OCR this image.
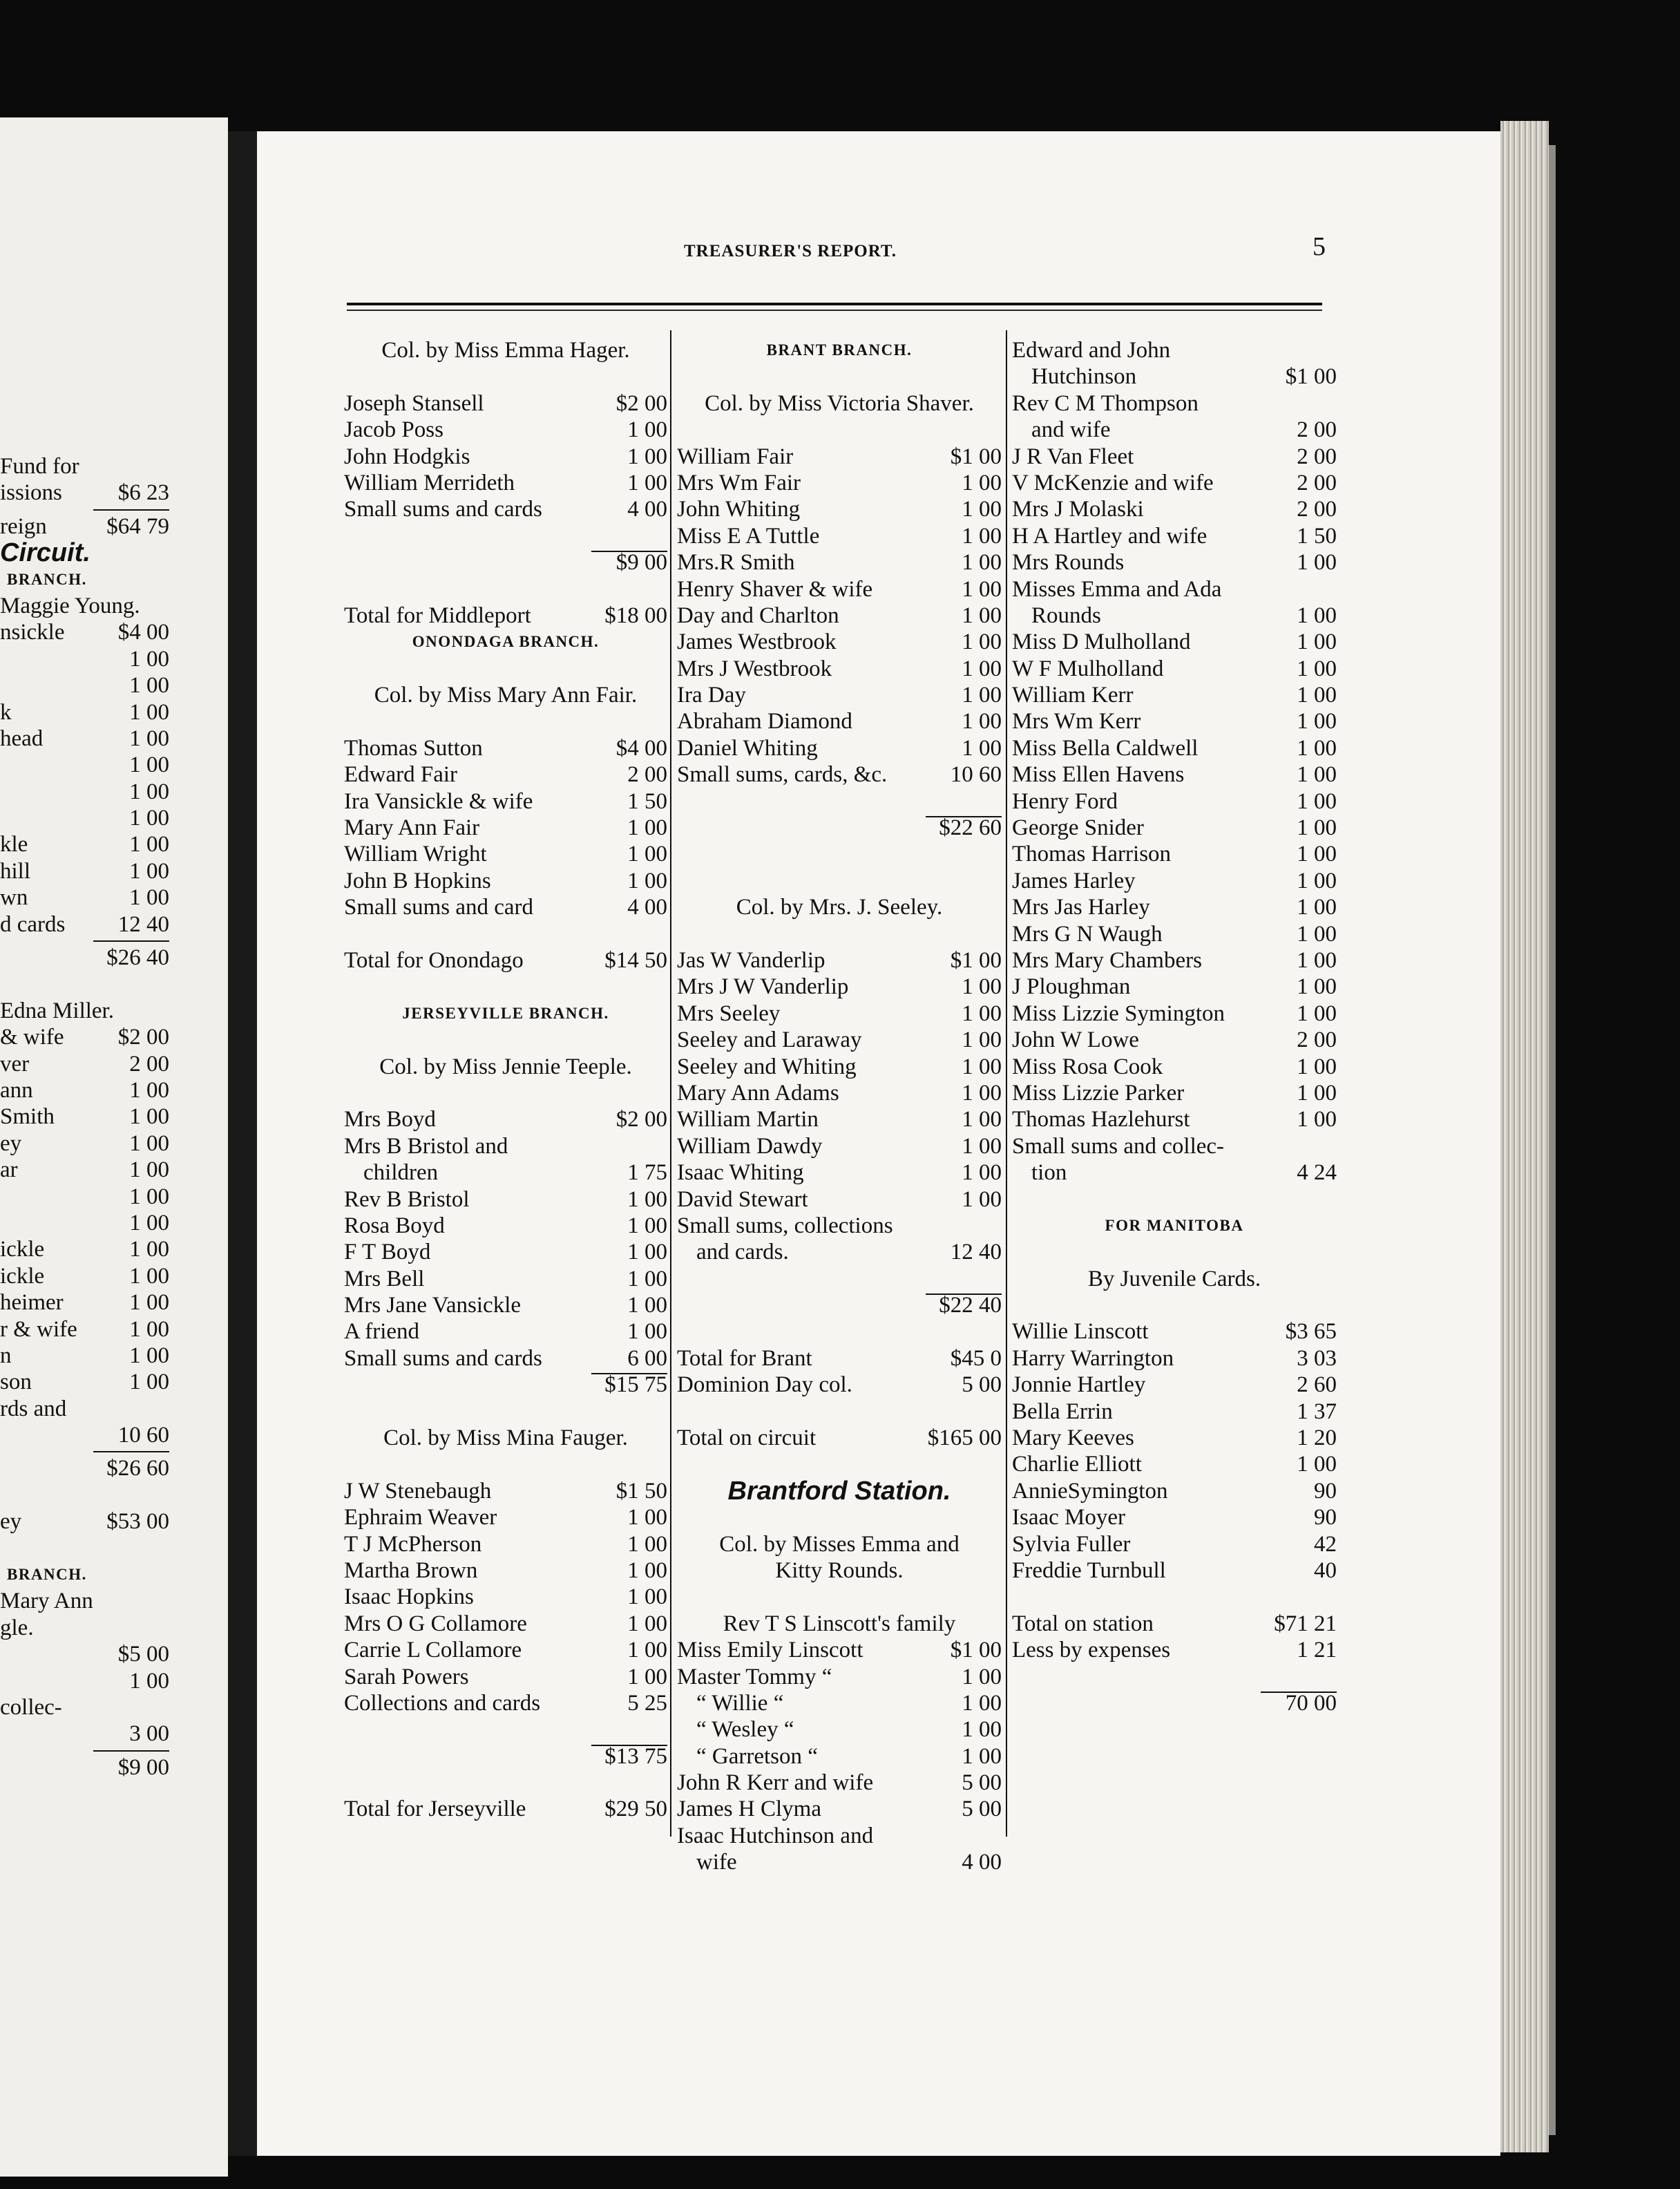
Fund for
issions $6 23
reign	$64 79
Circuit.
BRANCH.
Maggie Young.
nsickle $4 00
1 00
1 00
k	1 00
head	1 00
1 00
1 00
1 00
kle	1 00
hill	1 00
wn	1 00
d cards 12 40
$26 40
Edna Miller.
& wife $2 00
ver	2 00
ann	1 00
Smith	1 00
ey	1 00
ar	1 00
1 00
1 00
ickle	1 00
ickle	1 00
heimer	1 00
r & wife 1 00
n	1 00
son	1 00
rds and
10 60
$26 60
ey	$53 00
BRANCH.
Mary Ann
gle.
$5 00
1 00
collec-
3 00
$9 00
TREASURER'S REPORT.	5
Col. by Miss Emma Hager.
Joseph Stansell	$2 00
Jacob Poss	1 00
John Hodgkis	1 00
William Merrideth	1 00
Small sums and cards	4 00
$9 00
Total for Middleport	$18 00
ONONDAGA BRANCH.
Col. by Miss Mary Ann Fair.
Thomas Sutton	$4 00
Edward Fair	2 00
Ira Vansickle & wife	1 50
Mary Ann Fair	1 00
William Wright	1 00
John B Hopkins	1 00
Small sums and card	4 00
Total for Onondago	$14 50
JERSEYVILLE BRANCH.
Col. by Miss Jennie Teeple.
Mrs Boyd	$2 00
Mrs B Bristol and
children	1 75
Rev B Bristol	1 00
Rosa Boyd	1 00
F T Boyd	1 00
Mrs Bell	1 00
Mrs Jane Vansickle	1 00
A friend	1 00
Small sums and cards	6 00
$15 75
Col. by Miss Mina Fauger.
J W Stenebaugh	$1 50
Ephraim Weaver	1 00
T J McPherson	1 00
Martha Brown	1 00
Isaac Hopkins	1 00
Mrs O G Collamore	1 00
Carrie L Collamore	1 00
Sarah Powers	1 00
Collections and cards	5 25
$13 75
Total for Jerseyville	$29 50
BRANT BRANCH.
Col. by Miss Victoria Shaver.
William Fair	$1 00
Mrs Wm Fair	1 00
John Whiting	1 00
Miss E A Tuttle	1 00
Mrs.R Smith	1 00
Henry Shaver & wife	1 00
Day and Charlton	1 00
James Westbrook	1 00
Mrs J Westbrook	1 00
Ira Day	1 00
Abraham Diamond	1 00
Daniel Whiting	1 00
Small sums, cards, &c.	10 60
$22 60
Col. by Mrs. J. Seeley.
Jas W Vanderlip	$1 00
Mrs J W Vanderlip	1 00
Mrs Seeley	1 00
Seeley and Laraway	1 00
Seeley and Whiting	1 00
Mary Ann Adams	1 00
William Martin	1 00
William Dawdy	1 00
Isaac Whiting	1 00
David Stewart	1 00
Small sums, collections
and cards.	12 40
$22 40
Total for Brant	$45 0
Dominion Day col.	5 00
Total on circuit	$165 00
Brantford Station.
Col. by Misses Emma and
Kitty Rounds.
Rev T S Linscott's family
Miss Emily Linscott	$1 00
Master Tommy “	1 00
“ Willie “	1 00
“ Wesley “	1 00
“ Garretson “	1 00
John R Kerr and wife	5 00
James H Clyma	5 00
Isaac Hutchinson and
wife	4 00
Edward and John
Hutchinson	$1 00
Rev C M Thompson
and wife	2 00
J R Van Fleet	2 00
V McKenzie and wife	2 00
Mrs J Molaski	2 00
H A Hartley and wife	1 50
Mrs Rounds	1 00
Misses Emma and Ada
Rounds	1 00
Miss D Mulholland	1 00
W F Mulholland	1 00
William Kerr	1 00
Mrs Wm Kerr	1 00
Miss Bella Caldwell	1 00
Miss Ellen Havens	1 00
Henry Ford	1 00
George Snider	1 00
Thomas Harrison	1 00
James Harley	1 00
Mrs Jas Harley	1 00
Mrs G N Waugh	1 00
Mrs Mary Chambers	1 00
J Ploughman	1 00
Miss Lizzie Symington	1 00
John W Lowe	2 00
Miss Rosa Cook	1 00
Miss Lizzie Parker	1 00
Thomas Hazlehurst	1 00
Small sums and collec-
tion	4 24
FOR MANITOBA
By Juvenile Cards.
Willie Linscott	$3 65
Harry Warrington	3 03
Jonnie Hartley	2 60
Bella Errin	1 37
Mary Keeves	1 20
Charlie Elliott	1 00
AnnieSymington	90
Isaac Moyer	90
Sylvia Fuller	42
Freddie Turnbull	40
Total on station	$71 21
Less by expenses	1 21
70 00
